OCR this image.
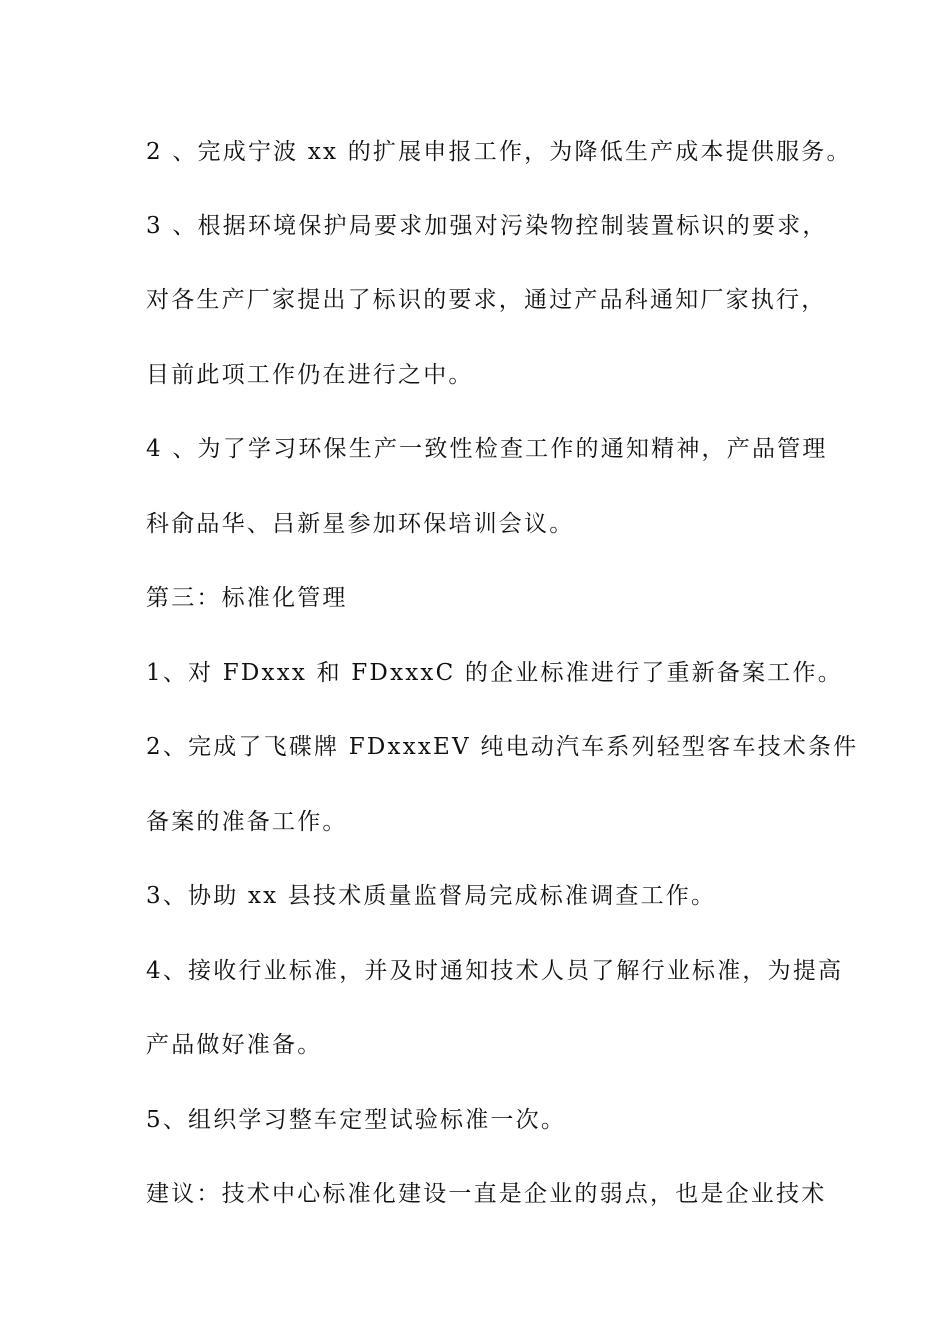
2 、完成宁波 xx 的扩展申报工作，为降低生产成本提供服务。
3 、根据环境保护局要求加强对污染物控制装置标识的要求，
对各生产厂家提出了标识的要求，通过产品科通知厂家执行，
目前此项工作仍在进行之中。
4 、为了学习环保生产一致性检查工作的通知精神，产品管理
科俞品华、吕新星参加环保培训会议。
第三：标准化管理
1、对 FDxxx 和 FDxxxC 的企业标准进行了重新备案工作。
2、完成了飞碟牌 FDxxxEV 纯电动汽车系列轻型客车技术条件
备案的准备工作。
3、协助 xx 县技术质量监督局完成标准调查工作。
4、接收行业标准，并及时通知技术人员了解行业标准，为提高
产品做好准备。
5、组织学习整车定型试验标准一次。
建议：技术中心标准化建设一直是企业的弱点，也是企业技术
